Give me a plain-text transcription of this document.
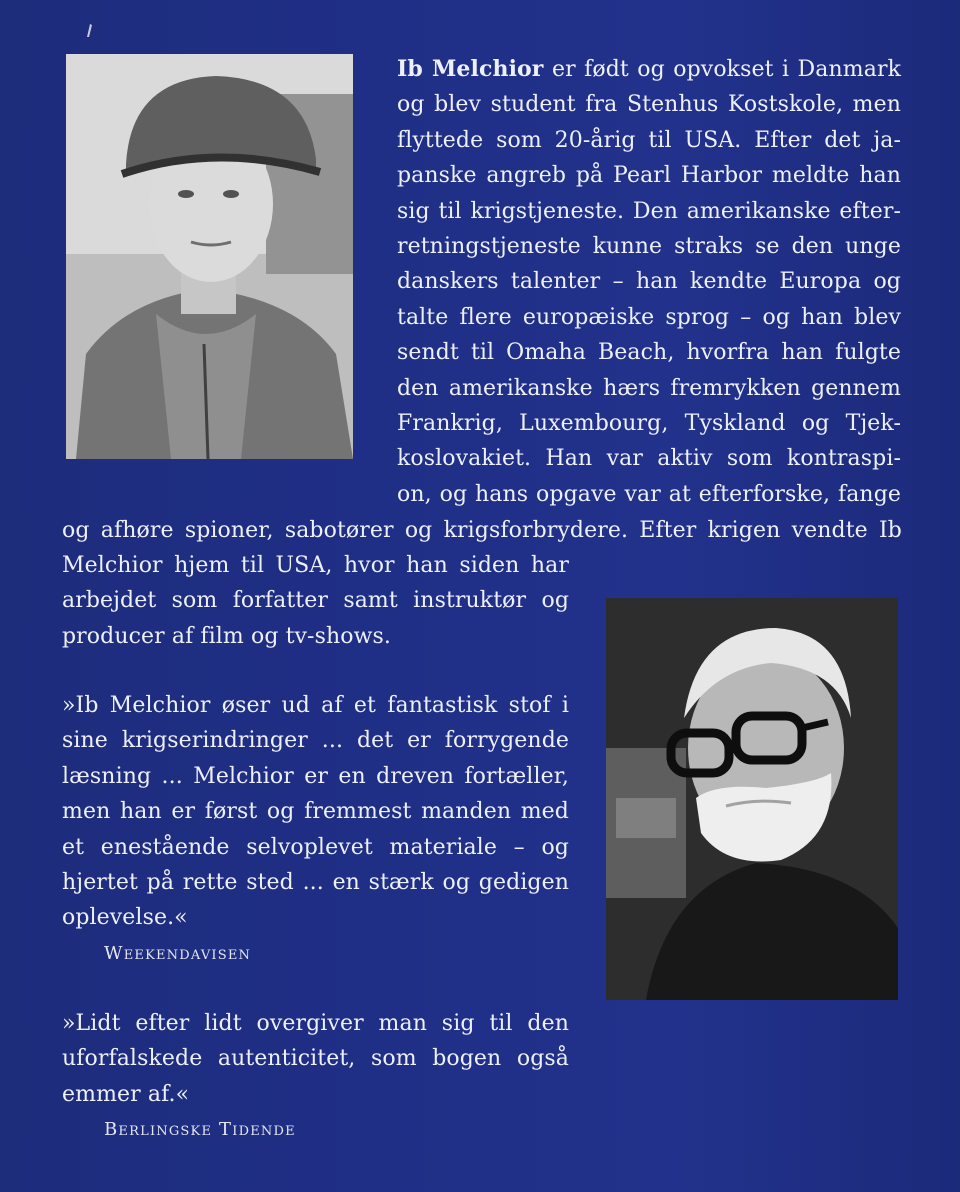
Ib Melchior er født og opvokset i Danmark
og blev student fra Stenhus Kostskole, men
flyttede som 20-årig til USA. Efter det ja-
panske angreb på Pearl Harbor meldte han
sig til krigstjeneste. Den amerikanske efter-
retningstjeneste kunne straks se den unge
danskers talenter – han kendte Europa og
talte flere europæiske sprog – og han blev
sendt til Omaha Beach, hvorfra han fulgte
den amerikanske hærs fremrykken gennem
Frankrig, Luxembourg, Tyskland og Tjek-
koslovakiet. Han var aktiv som kontraspi-
on, og hans opgave var at efterforske, fange
og afhøre spioner, sabotører og krigsforbrydere. Efter krigen vendte Ib
Melchior hjem til USA, hvor han siden har
arbejdet som forfatter samt instruktør og
producer af film og tv-shows.
»Ib Melchior øser ud af et fantastisk stof i
sine krigserindringer ... det er forrygende
læsning ... Melchior er en dreven fortæller,
men han er først og fremmest manden med
et enestående selvoplevet materiale – og
hjertet på rette sted ... en stærk og gedigen
oplevelse.«
Weekendavisen
»Lidt efter lidt overgiver man sig til den
uforfalskede autenticitet, som bogen også
emmer af.«
Berlingske Tidende
